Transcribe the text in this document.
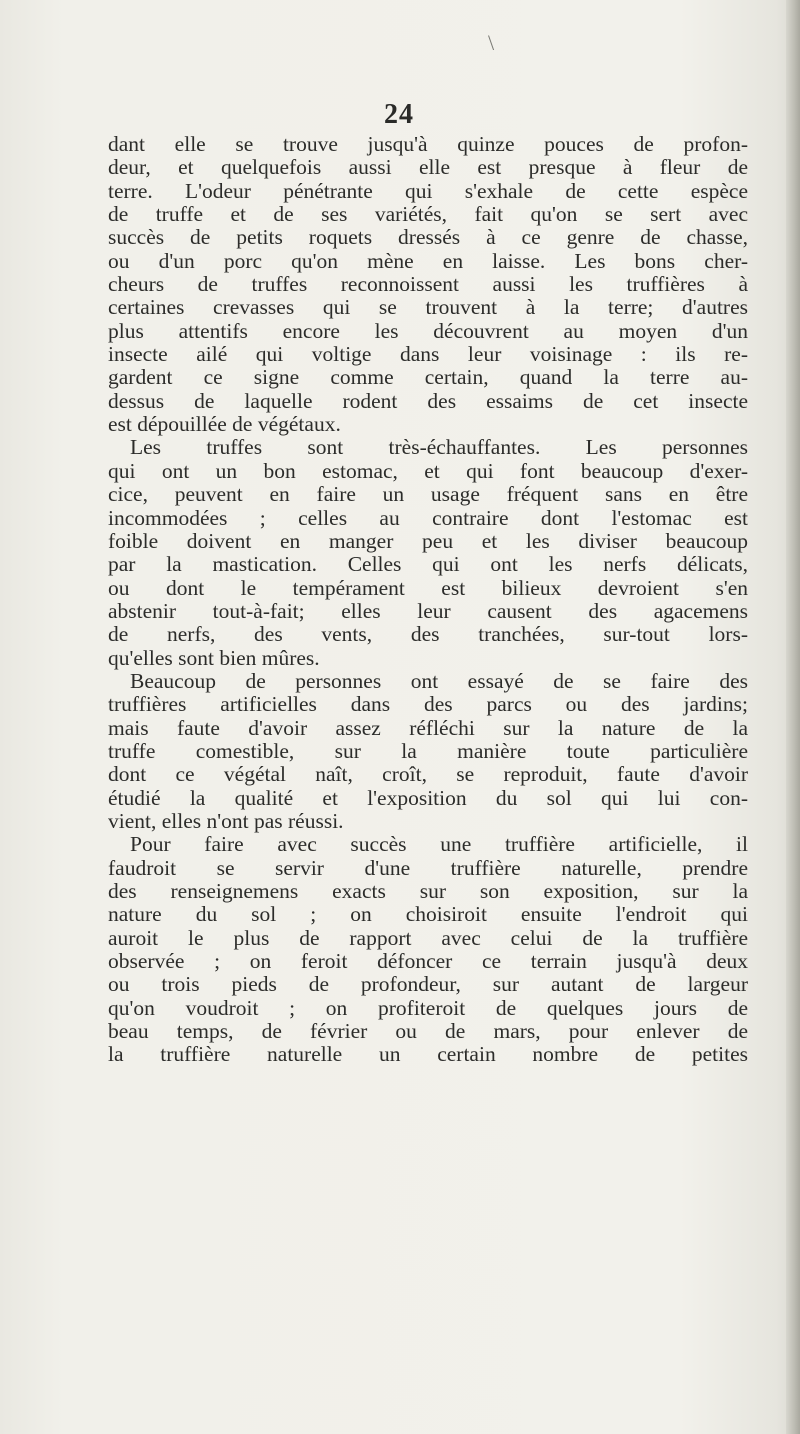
\
24
dant elle se trouve jusqu'à quinze pouces de profon-
deur, et quelquefois aussi elle est presque à fleur de
terre. L'odeur pénétrante qui s'exhale de cette espèce
de truffe et de ses variétés, fait qu'on se sert avec
succès de petits roquets dressés à ce genre de chasse,
ou d'un porc qu'on mène en laisse. Les bons cher-
cheurs de truffes reconnoissent aussi les truffières à
certaines crevasses qui se trouvent à la terre; d'autres
plus attentifs encore les découvrent au moyen d'un
insecte ailé qui voltige dans leur voisinage : ils re-
gardent ce signe comme certain, quand la terre au-
dessus de laquelle rodent des essaims de cet insecte
est dépouillée de végétaux.
Les truffes sont très-échauffantes. Les personnes
qui ont un bon estomac, et qui font beaucoup d'exer-
cice, peuvent en faire un usage fréquent sans en être
incommodées ; celles au contraire dont l'estomac est
foible doivent en manger peu et les diviser beaucoup
par la mastication. Celles qui ont les nerfs délicats,
ou dont le tempérament est bilieux devroient s'en
abstenir tout-à-fait; elles leur causent des agacemens
de nerfs, des vents, des tranchées, sur-tout lors-
qu'elles sont bien mûres.
Beaucoup de personnes ont essayé de se faire des
truffières artificielles dans des parcs ou des jardins;
mais faute d'avoir assez réfléchi sur la nature de la
truffe comestible, sur la manière toute particulière
dont ce végétal naît, croît, se reproduit, faute d'avoir
étudié la qualité et l'exposition du sol qui lui con-
vient, elles n'ont pas réussi.
Pour faire avec succès une truffière artificielle, il
faudroit se servir d'une truffière naturelle, prendre
des renseignemens exacts sur son exposition, sur la
nature du sol ; on choisiroit ensuite l'endroit qui
auroit le plus de rapport avec celui de la truffière
observée ; on feroit défoncer ce terrain jusqu'à deux
ou trois pieds de profondeur, sur autant de largeur
qu'on voudroit ; on profiteroit de quelques jours de
beau temps, de février ou de mars, pour enlever de
la truffière naturelle un certain nombre de petites
